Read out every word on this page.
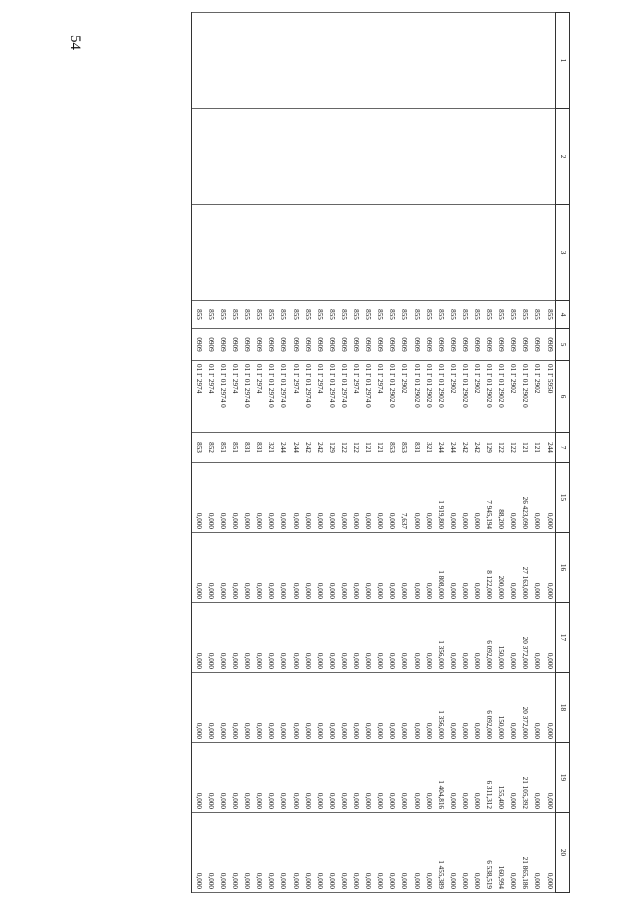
54
1	2	3	4	5	6	7	15	16	17	18	19	20
			855	0909	01 Г 5950	244	0,000	0,000	0,000	0,000	0,000	0,000
			855	0909	01 Г 2902	121	0,000	0,000	0,000	0,000	0,000	0,000
			855	0909	01 Г 01 2902 0	121	26 423,090	27 163,000	20 372,000	20 372,000	21 105,392	21 865,186
			855	0909	01 Г 2902	122	0,000	0,000	0,000	0,000	0,000	0,000
			855	0909	01 Г 01 2902 0	122	88,200	200,000	150,000	150,000	155,400	160,994
			855	0909	01 Г 01 2902 0	129	7 945,194	8 122,000	6 092,000	6 092,000	6 311,312	6 538,519
			855	0909	01 Г 2902	242	0,000	0,000	0,000	0,000	0,000	0,000
			855	0909	01 Г 01 2902 0	242	0,000	0,000	0,000	0,000	0,000	0,000
			855	0909	01 Г 2902	244	0,000	0,000	0,000	0,000	0,000	0,000
			855	0909	01 Г 01 2902 0	244	1 919,800	1 808,000	1 356,000	1 356,000	1 404,816	1 455,389
			855	0909	01 Г 01 2902 0	321	0,000	0,000	0,000	0,000	0,000	0,000
			855	0909	01 Г 01 2902 0	831	0,000	0,000	0,000	0,000	0,000	0,000
			855	0909	01 Г 2902	853	7,637	0,000	0,000	0,000	0,000	0,000
			855	0909	01 Г 01 2902 0	853	0,000	0,000	0,000	0,000	0,000	0,000
			855	0909	01 Г 2974	121	0,000	0,000	0,000	0,000	0,000	0,000
			855	0909	01 Г 01 2974 0	121	0,000	0,000	0,000	0,000	0,000	0,000
			855	0909	01 Г 2974	122	0,000	0,000	0,000	0,000	0,000	0,000
			855	0909	01 Г 01 2974 0	122	0,000	0,000	0,000	0,000	0,000	0,000
			855	0909	01 Г 01 2974 0	129	0,000	0,000	0,000	0,000	0,000	0,000
			855	0909	01 Г 2974	242	0,000	0,000	0,000	0,000	0,000	0,000
			855	0909	01 Г 01 2974 0	242	0,000	0,000	0,000	0,000	0,000	0,000
			855	0909	01 Г 2974	244	0,000	0,000	0,000	0,000	0,000	0,000
			855	0909	01 Г 01 2974 0	244	0,000	0,000	0,000	0,000	0,000	0,000
			855	0909	01 Г 01 2974 0	321	0,000	0,000	0,000	0,000	0,000	0,000
			855	0909	01 Г 2974	831	0,000	0,000	0,000	0,000	0,000	0,000
			855	0909	01 Г 01 2974 0	831	0,000	0,000	0,000	0,000	0,000	0,000
			855	0909	01 Г 2974	851	0,000	0,000	0,000	0,000	0,000	0,000
			855	0909	01 Г 01 2974 0	851	0,000	0,000	0,000	0,000	0,000	0,000
			855	0909	01 Г 2974	852	0,000	0,000	0,000	0,000	0,000	0,000
			855	0909	01 Г 2974	853	0,000	0,000	0,000	0,000	0,000	0,000
